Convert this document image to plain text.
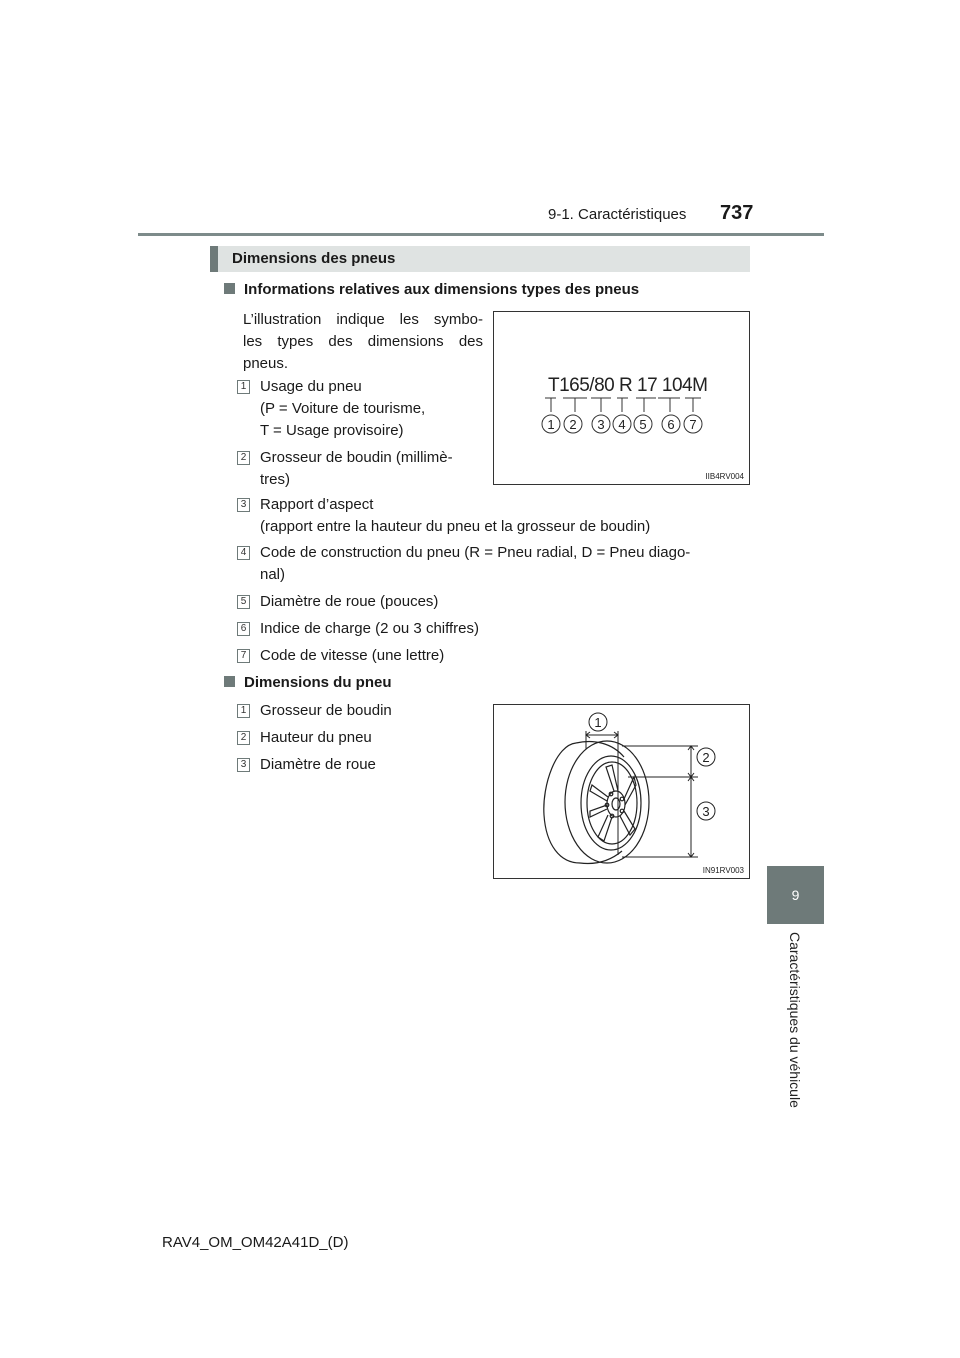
9-1. Caractéristiques 737
9
Caractéristiques du véhicule
Dimensions des pneus
Informations relatives aux dimensions types des pneus
L’illustration indique les symbo-
les types des dimensions des
pneus.
1 Usage du pneu
(P = Voiture de tourisme,
T = Usage provisoire)
2 Grosseur de boudin (millimè-
tres)
3 Rapport d’aspect
(rapport entre la hauteur du pneu et la grosseur de boudin)
4 Code de construction du pneu (R = Pneu radial, D = Pneu diago-
nal)
5 Diamètre de roue (pouces)
6 Indice de charge (2 ou 3 chiffres)
7 Code de vitesse (une lettre)
T165/80 R 17 104M
1 2 3 4 5 6 7
IIB4RV004
Dimensions du pneu
1 Grosseur de boudin
2 Hauteur du pneu
3 Diamètre de roue
1
2
3
IN91RV003
RAV4_OM_OM42A41D_(D)
